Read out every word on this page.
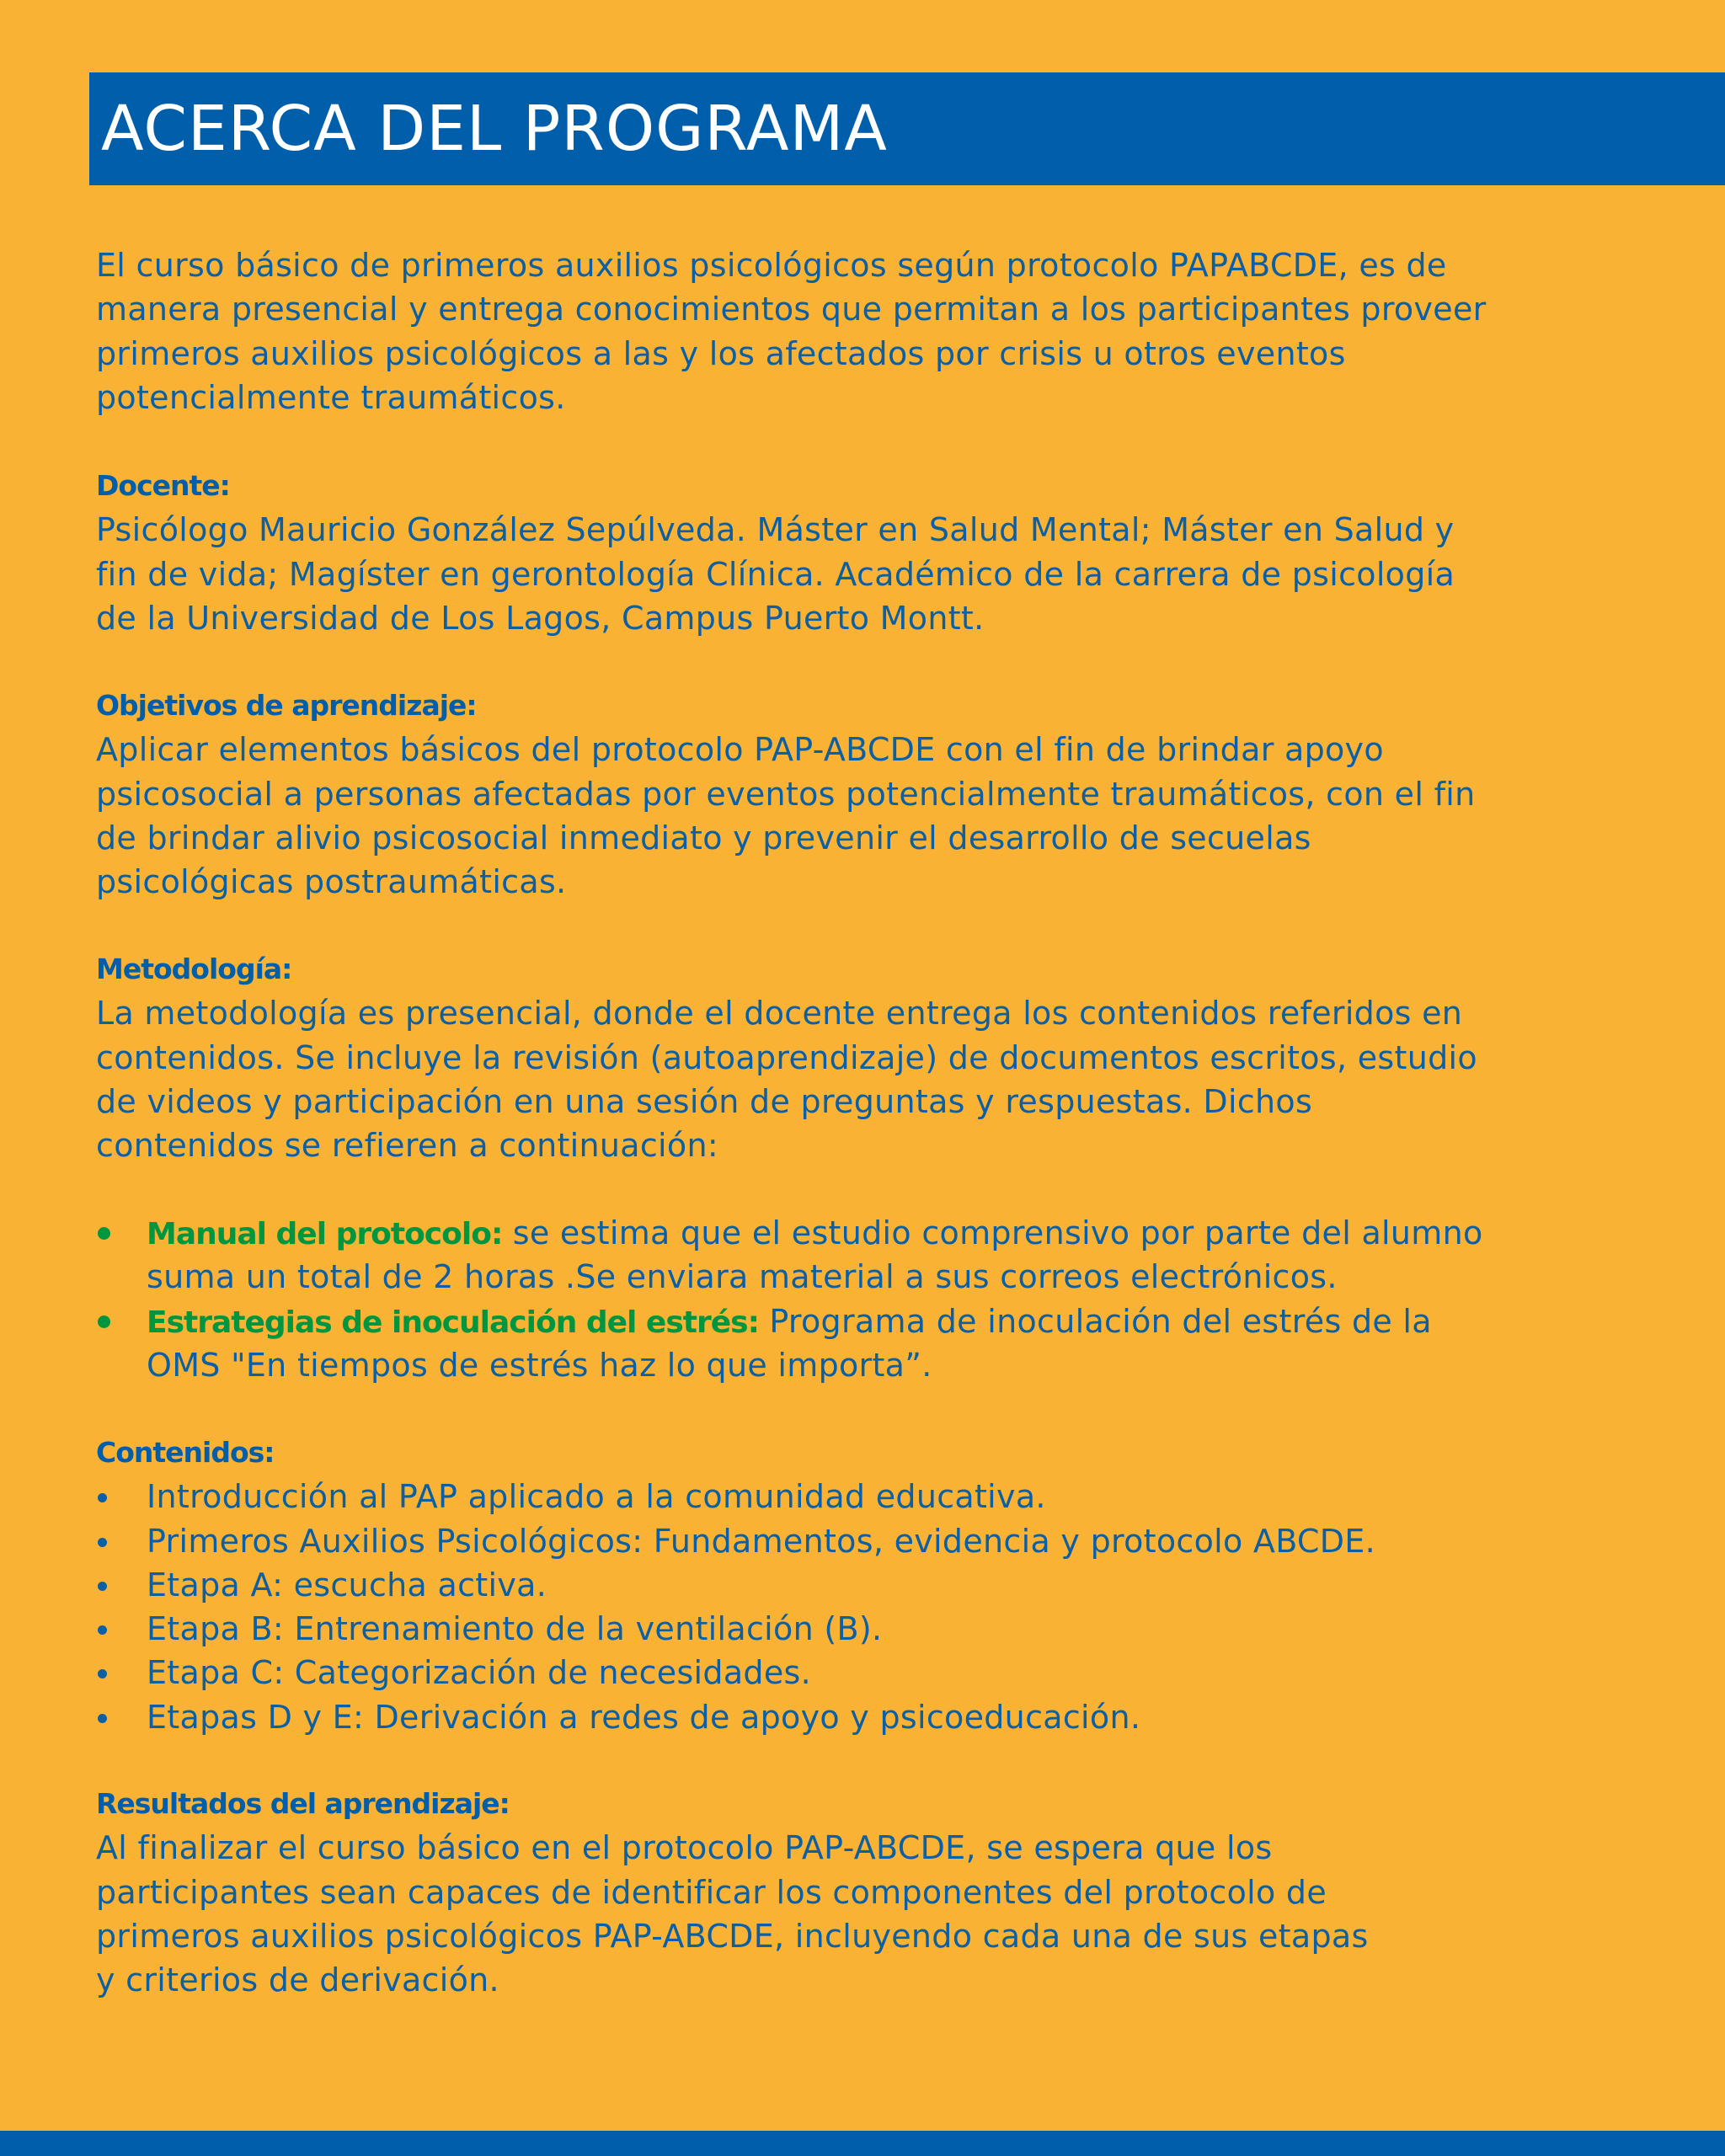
ACERCA DEL PROGRAMA
El curso básico de primeros auxilios psicológicos según protocolo PAPABCDE, es de
manera presencial y entrega conocimientos que permitan a los participantes proveer
primeros auxilios psicológicos a las y los afectados por crisis u otros eventos
potencialmente traumáticos.
Docente:
Psicólogo Mauricio González Sepúlveda. Máster en Salud Mental; Máster en Salud y
fin de vida; Magíster en gerontología Clínica. Académico de la carrera de psicología
de la Universidad de Los Lagos, Campus Puerto Montt.
Objetivos de aprendizaje:
Aplicar elementos básicos del protocolo PAP-ABCDE con el fin de brindar apoyo
psicosocial a personas afectadas por eventos potencialmente traumáticos, con el fin
de brindar alivio psicosocial inmediato y prevenir el desarrollo de secuelas
psicológicas postraumáticas.
Metodología:
La metodología es presencial, donde el docente entrega los contenidos referidos en
contenidos. Se incluye la revisión (autoaprendizaje) de documentos escritos, estudio
de videos y participación en una sesión de preguntas y respuestas. Dichos
contenidos se refieren a continuación:
Manual del protocolo: se estima que el estudio comprensivo por parte del alumno
suma un total de 2 horas .Se enviara material a sus correos electrónicos.
Estrategias de inoculación del estrés: Programa de inoculación del estrés de la
OMS "En tiempos de estrés haz lo que importa”.
Contenidos:
Introducción al PAP aplicado a la comunidad educativa.
Primeros Auxilios Psicológicos: Fundamentos, evidencia y protocolo ABCDE.
Etapa A: escucha activa.
Etapa B: Entrenamiento de la ventilación (B).
Etapa C: Categorización de necesidades.
Etapas D y E: Derivación a redes de apoyo y psicoeducación.
Resultados del aprendizaje:
Al finalizar el curso básico en el protocolo PAP-ABCDE, se espera que los
participantes sean capaces de identificar los componentes del protocolo de
primeros auxilios psicológicos PAP-ABCDE, incluyendo cada una de sus etapas
y criterios de derivación.
